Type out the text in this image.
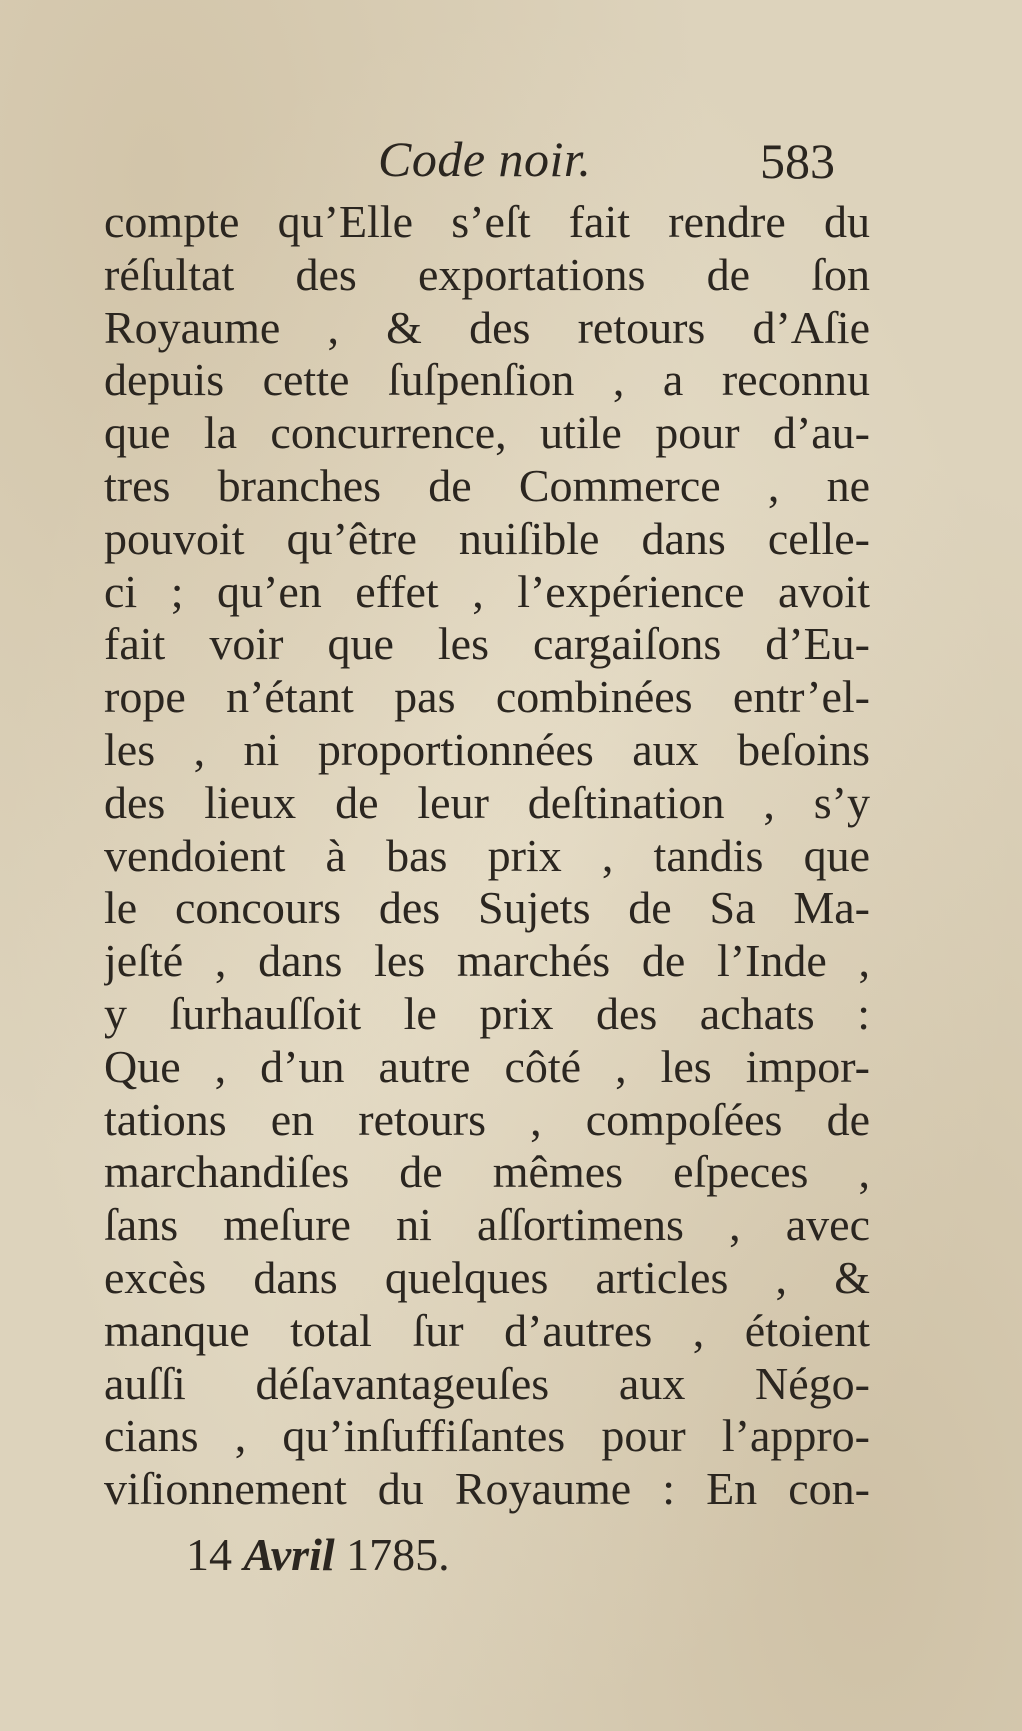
Code noir.	583
compte qu’Elle s’eſt fait rendre du
réſultat des exportations de ſon
Royaume , & des retours d’Aſie
depuis cette ſuſpenſion , a reconnu
que la concurrence, utile pour d’au-
tres branches de Commerce , ne
pouvoit qu’être nuiſible dans celle-
ci ; qu’en effet , l’expérience avoit
fait voir que les cargaiſons d’Eu-
rope n’étant pas combinées entr’el-
les , ni proportionnées aux beſoins
des lieux de leur deſtination , s’y
vendoient à bas prix , tandis que
le concours des Sujets de Sa Ma-
jeſté , dans les marchés de l’Inde ,
y ſurhauſſoit le prix des achats :
Que , d’un autre côté , les impor-
tations en retours , compoſées de
marchandiſes de mêmes eſpeces ,
ſans meſure ni aſſortimens , avec
excès dans quelques articles , &
manque total ſur d’autres , étoient
auſſi déſavantageuſes aux Négo-
cians , qu’inſuffiſantes pour l’appro-
viſionnement du Royaume : En con-
14 Avril 1785.
